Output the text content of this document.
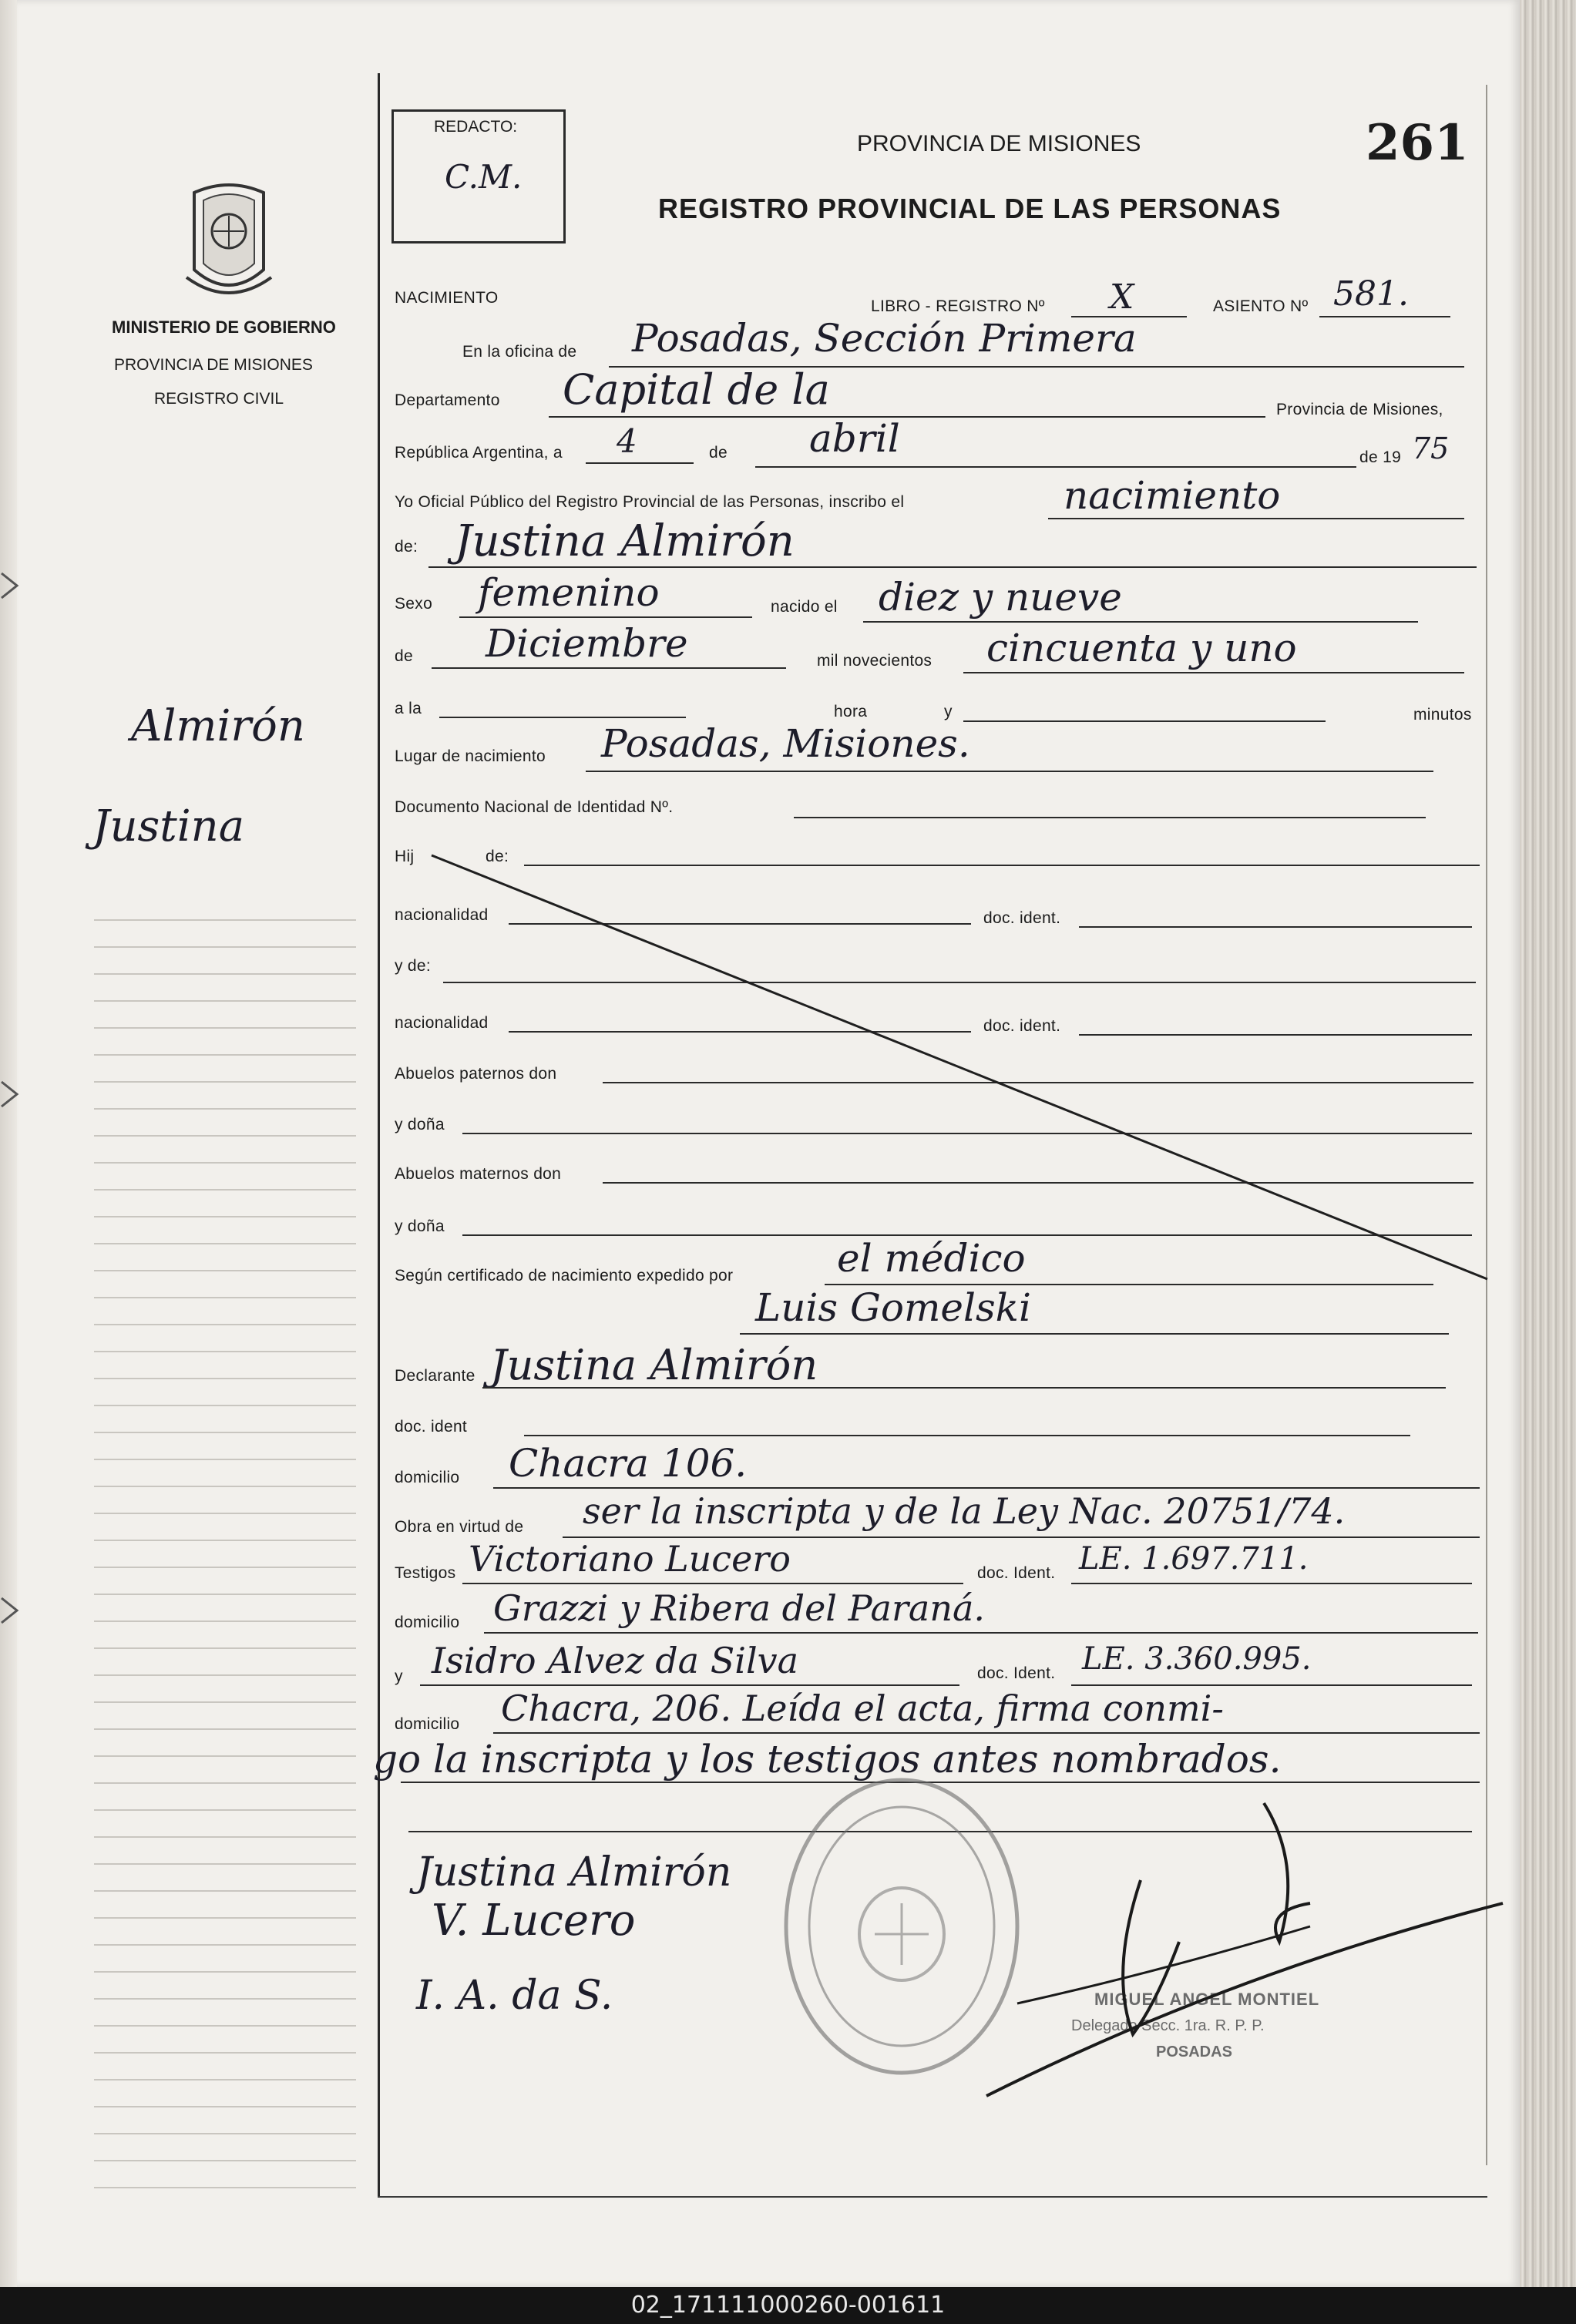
MINISTERIO DE GOBIERNO
PROVINCIA DE MISIONES
REGISTRO CIVIL
Almirón
Justina
REDACTO:
C.M.
PROVINCIA DE MISIONES
REGISTRO PROVINCIAL DE LAS PERSONAS
261
NACIMIENTO	LIBRO - REGISTRO Nº X	ASIENTO Nº 581.
En la oficina de Posadas, Sección Primera
Departamento Capital de la	Provincia de Misiones,
República Argentina, a 4	de abril	de 19 75
Yo Oficial Público del Registro Provincial de las Personas, inscribo el	nacimiento
de: Justina Almirón
Sexo femenino	nacido el diez y nueve
de Diciembre	mil novecientos cincuenta y uno
a la	hora	y	minutos
Lugar de nacimiento Posadas, Misiones.
Documento Nacional de Identidad Nº.
Hij	de:
nacionalidad	doc. ident.
y de:
nacionalidad	doc. ident.
Abuelos paternos don
y doña
Abuelos maternos don
y doña
Según certificado de nacimiento expedido por	el médico
Luis Gomelski
Declarante Justina Almirón
doc. ident
domicilio Chacra 106.
Obra en virtud de ser la inscripta y de la Ley Nac. 20751/74.
Testigos Victoriano Lucero	doc. Ident. LE. 1.697.711.
domicilio Grazzi y Ribera del Paraná.
y Isidro Alvez da Silva	doc. Ident. LE. 3.360.995.
domicilio Chacra, 206. Leída el acta, firma conmi-
go la inscripta y los testigos antes nombrados.
Justina Almirón
V. Lucero
I. A. da S.	MIGUEL ANGEL MONTIEL
Delegado Secc. 1ra. R. P. P.
POSADAS
02_171111000260-001611
